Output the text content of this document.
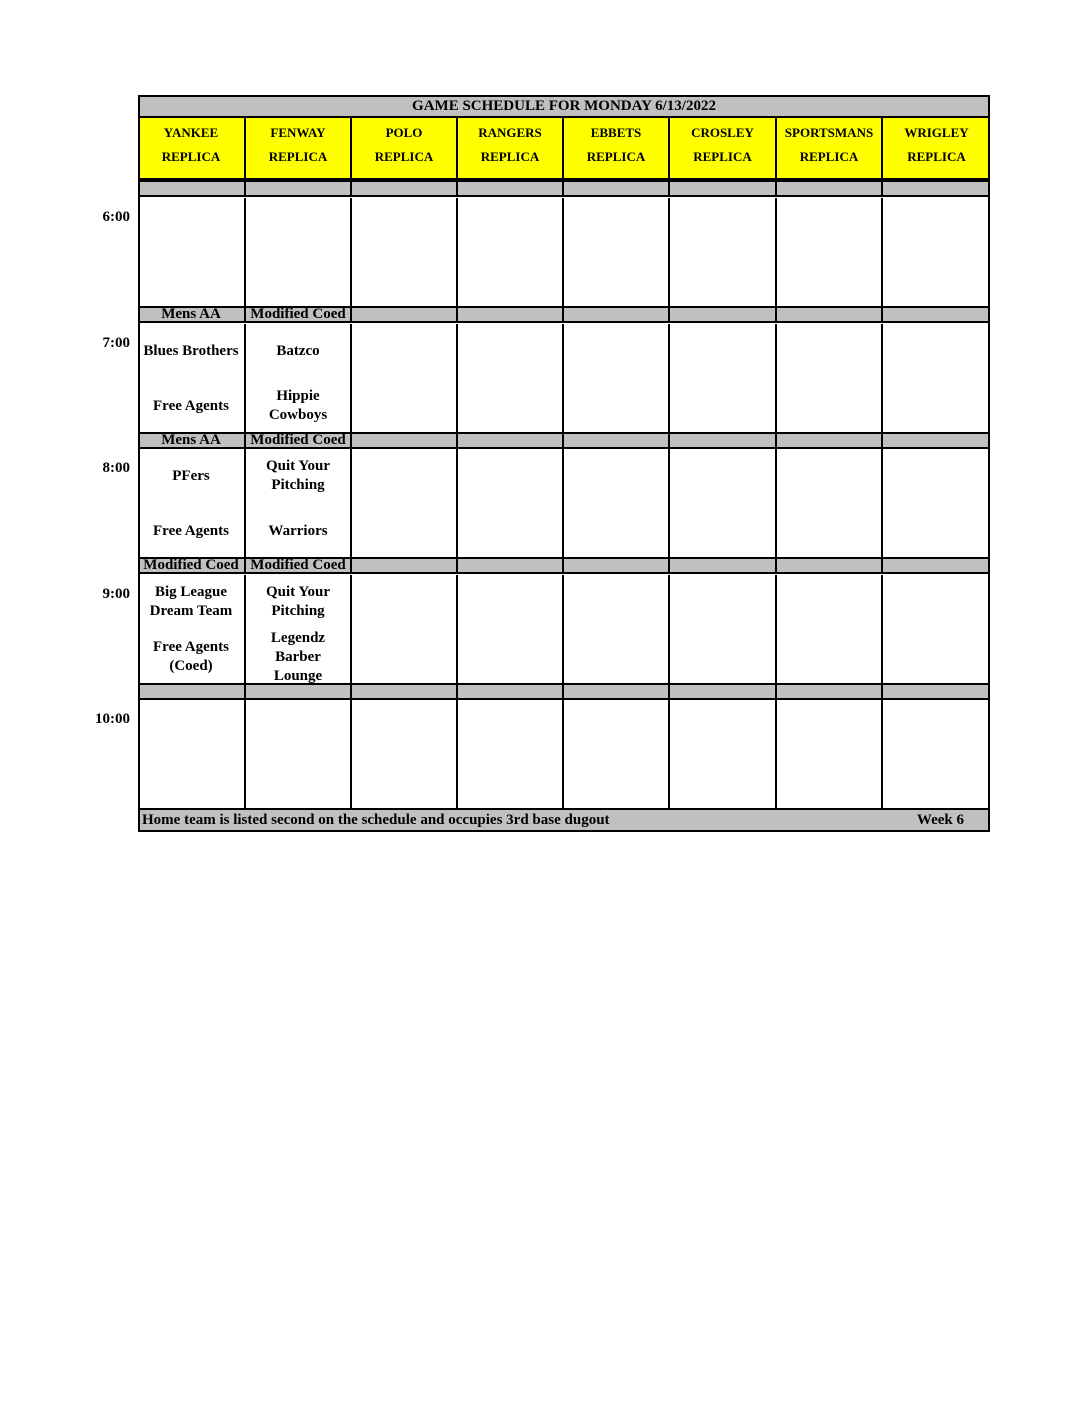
GAME SCHEDULE FOR MONDAY 6/13/2022
YANKEE
REPLICA
FENWAY
REPLICA
POLO
REPLICA
RANGERS
REPLICA
EBBETS
REPLICA
CROSLEY
REPLICA
SPORTSMANS
REPLICA
WRIGLEY
REPLICA
Mens AA
Blues Brothers
Free Agents
Modified Coed
Batzco
Hippie Cowboys
Mens AA
PFers
Free Agents
Modified Coed
Quit Your Pitching
Warriors
Modified Coed
Big League Dream Team
Free Agents (Coed)
Modified Coed
Quit Your Pitching
Legendz Barber Lounge
Home team is listed second on the schedule and occupies 3rd base dugout	Week 6
6:00
7:00
8:00
9:00
10:00
